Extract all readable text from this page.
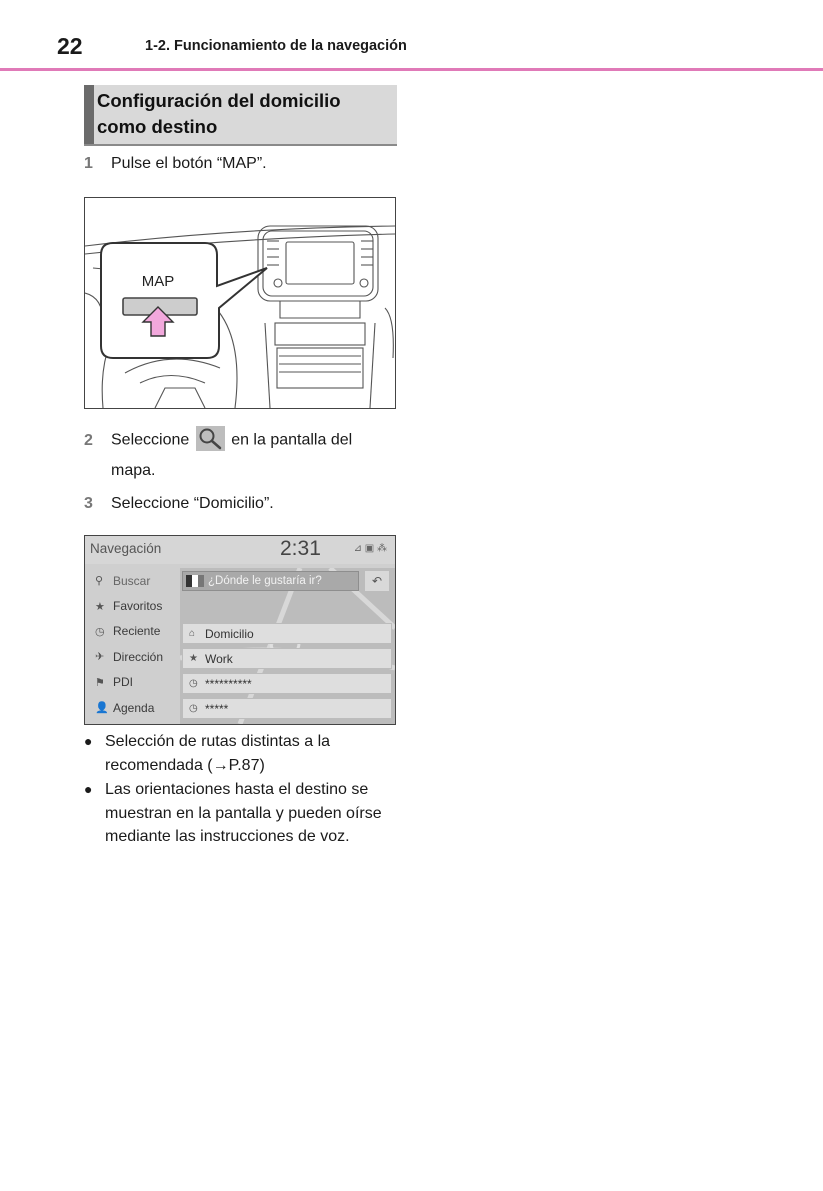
22	1-2. Funcionamiento de la navegación
Configuración del domicilio
como destino
1 Pulse el botón “MAP”.
MAP
2 Seleccione	en la pantalla del
mapa.
3 Seleccione “Domicilio”.
Navegación	2:31	⊿ ▣ ⁂
⚲ Buscar
★ Favoritos
◷ Reciente
✈ Dirección
⚑ PDI
👤 Agenda
¿Dónde le gustaría ir?	↶
⌂ Domicilio
★ Work
◷ **********
◷ *****
● Selección de rutas distintas a la recomendada (→P.87)
● Las orientaciones hasta el destino se muestran en la pantalla y pueden oírse mediante las instrucciones de voz.
